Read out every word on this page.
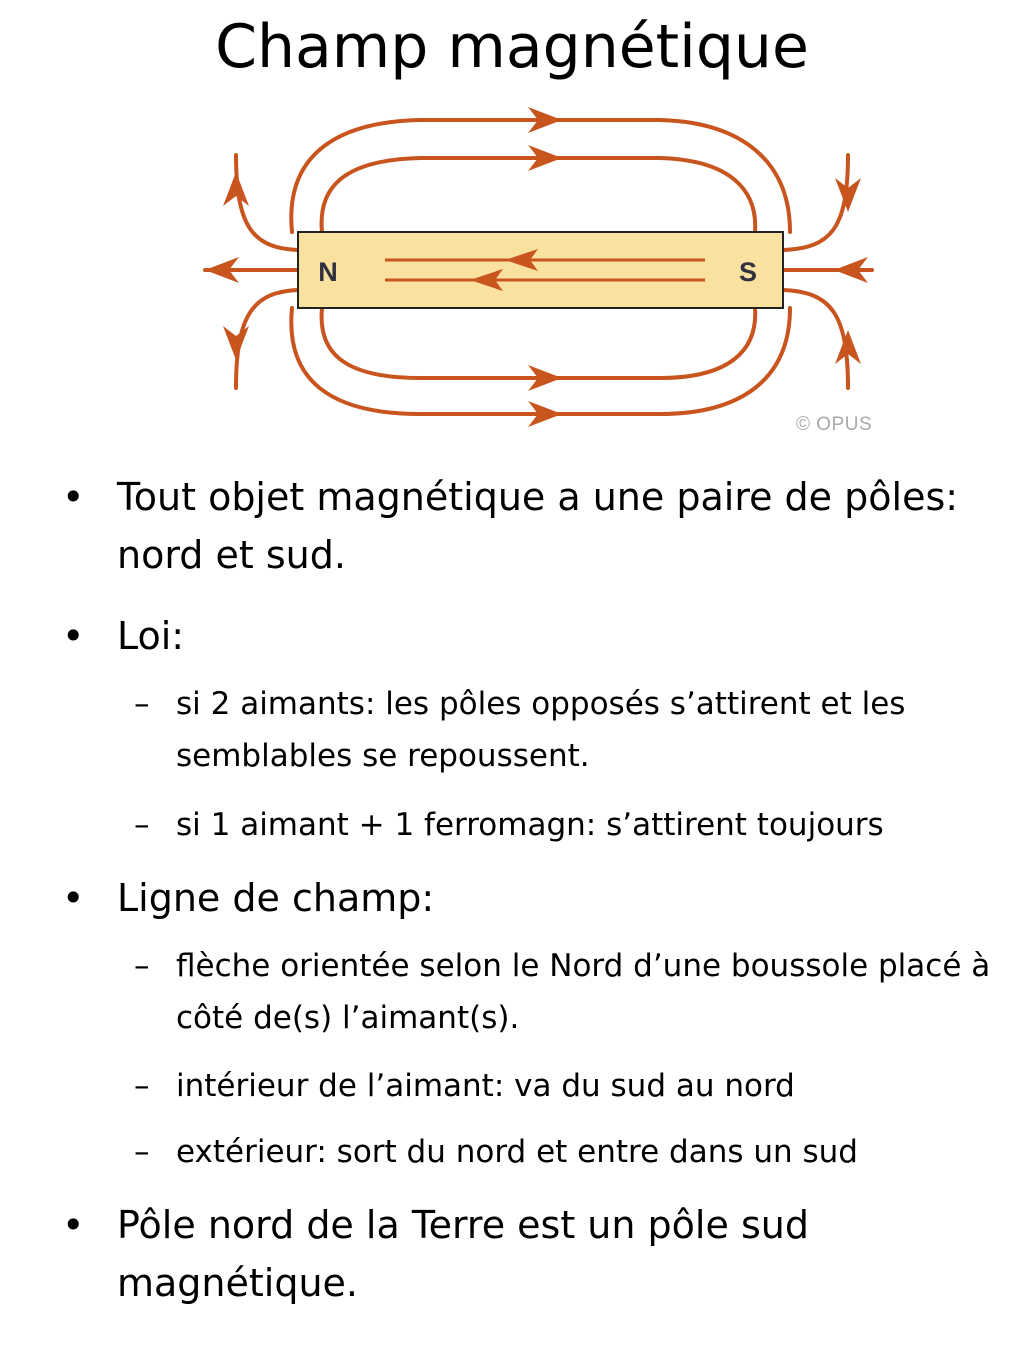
Champ magnétique
N	S
© OPUS
• Tout objet magnétique a une paire de pôles: nord et sud.
• Loi:
– si 2 aimants: les pôles opposés s’attirent et les semblables se repoussent.
– si 1 aimant + 1 ferromagn: s’attirent toujours
• Ligne de champ:
– flèche orientée selon le Nord d’une boussole placé à côté de(s) l’aimant(s).
– intérieur de l’aimant: va du sud au nord
– extérieur: sort du nord et entre dans un sud
• Pôle nord de la Terre est un pôle sud magnétique.
